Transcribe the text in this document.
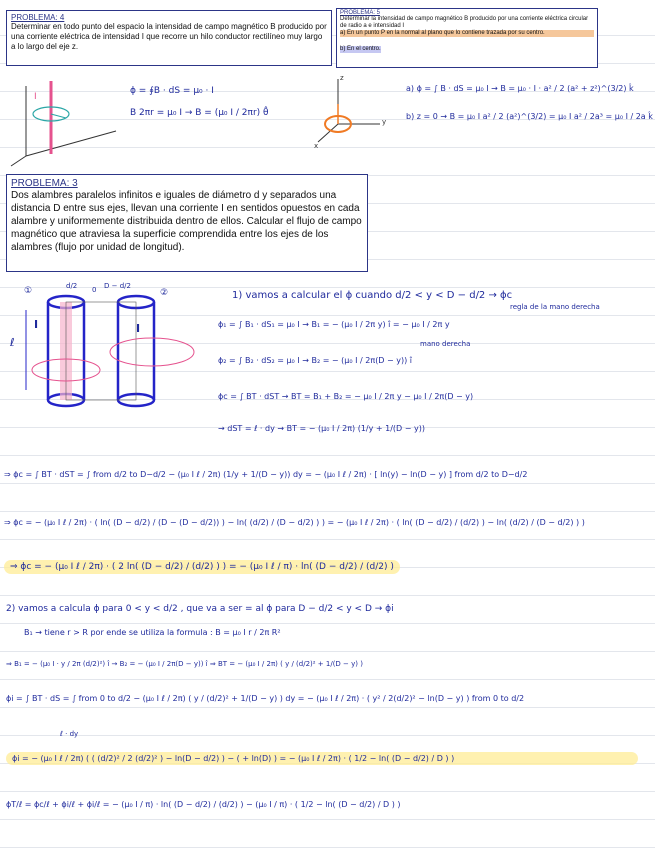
PROBLEMA: 4
Determinar en todo punto del espacio la intensidad de campo magnético B producido por una corriente eléctrica de intensidad I que recorre un hilo conductor rectilíneo muy largo a lo largo del eje z.
PROBLEMA: 5
Determinar la intensidad de campo magnético B producido por una corriente eléctrica circular de radio a e intensidad I
a) En un punto P en la normal al plano que lo contiene trazada por su centro.
b) En el centro.
I
ϕ = ∮B · dS = μ₀ · I
B 2πr = μ₀ I → B = (μ₀ I / 2πr) θ̂
z
y
x
a) ϕ = ∫ B · dS = μ₀ I → B = μ₀ · I · a² / 2 (a² + z²)^(3/2) k̂
b) z = 0 → B = μ₀ I a² / 2 (a²)^(3/2) = μ₀ I a² / 2a³ = μ₀ I / 2a k̂
PROBLEMA: 3
Dos alambres paralelos infinitos e iguales de diámetro d y separados una distancia D entre sus ejes, llevan una corriente I en sentidos opuestos en cada alambre y uniformemente distribuida dentro de ellos. Calcular el flujo de campo magnético que atraviesa la superficie comprendida entre los ejes de los alambres (flujo por unidad de longitud).
①	②
d/2 0 D − d/2
I	I
ℓ
1) vamos a calcular el ϕ cuando d/2 < y < D − d/2 → ϕc
regla de la mano derecha
ϕ₁ = ∫ B₁ · dS₁ = μ₀ I → B₁ = − (μ₀ I / 2π y) î = − μ₀ I / 2π y
mano derecha
ϕ₂ = ∫ B₂ · dS₂ = μ₀ I → B₂ = − (μ₀ I / 2π(D − y)) î
ϕc = ∫ BT · dST → BT = B₁ + B₂ = − μ₀ I / 2π y − μ₀ I / 2π(D − y)
→ dST = ℓ · dy → BT = − (μ₀ I / 2π) (1/y + 1/(D − y))
⇒ ϕc = ∫ BT · dST = ∫ from d/2 to D−d/2 − (μ₀ I ℓ / 2π) (1/y + 1/(D − y)) dy = − (μ₀ I ℓ / 2π) · [ ln(y) − ln(D − y) ] from d/2 to D−d/2
⇒ ϕc = − (μ₀ I ℓ / 2π) · ( ln( (D − d/2) / (D − (D − d/2)) ) − ln( (d/2) / (D − d/2) ) ) = − (μ₀ I ℓ / 2π) · ( ln( (D − d/2) / (d/2) ) − ln( (d/2) / (D − d/2) ) )
⇒ ϕc = − (μ₀ I ℓ / 2π) · ( 2 ln( (D − d/2) / (d/2) ) ) = − (μ₀ I ℓ / π) · ln( (D − d/2) / (d/2) )
2) vamos a calcula ϕ para 0 < y < d/2 , que va a ser = al ϕ para D − d/2 < y < D → ϕi
B₁ → tiene r > R por ende se utiliza la formula : B = μ₀ I r / 2π R²
⇒ B₁ = − (μ₀ I · y / 2π (d/2)²) î → B₂ = − (μ₀ I / 2π(D − y)) î ⇒ BT = − (μ₀ I / 2π) ( y / (d/2)² + 1/(D − y) )
ϕi = ∫ BT · dS = ∫ from 0 to d/2 − (μ₀ I ℓ / 2π) ( y / (d/2)² + 1/(D − y) ) dy = − (μ₀ I ℓ / 2π) · ( y² / 2(d/2)² − ln(D − y) ) from 0 to d/2
ℓ · dy
ϕi = − (μ₀ I ℓ / 2π) ( ( (d/2)² / 2 (d/2)² ) − ln(D − d/2) ) − ( + ln(D) ) = − (μ₀ I ℓ / 2π) · ( 1/2 − ln( (D − d/2) / D ) )
ϕT/ℓ = ϕc/ℓ + ϕi/ℓ + ϕi/ℓ = − (μ₀ I / π) · ln( (D − d/2) / (d/2) ) − (μ₀ I / π) · ( 1/2 − ln( (D − d/2) / D ) )
